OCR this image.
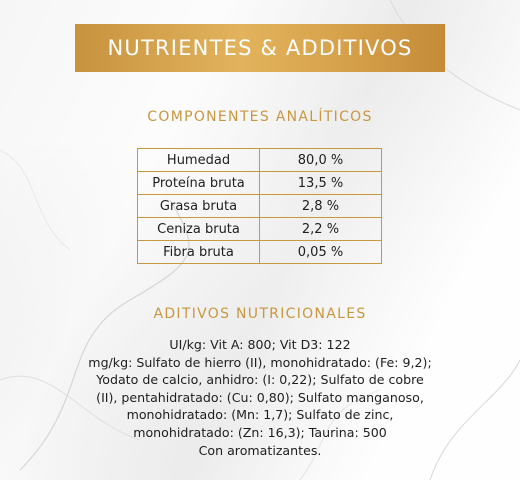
NUTRIENTES & ADDITIVOS
COMPONENTES ANALÍTICOS
Humedad	80,0 %
Proteína bruta	13,5 %
Grasa bruta	2,8 %
Ceniza bruta	2,2 %
Fibra bruta	0,05 %
ADITIVOS NUTRICIONALES
UI/kg: Vit A: 800; Vit D3: 122
mg/kg: Sulfato de hierro (II), monohidratado: (Fe: 9,2);
Yodato de calcio, anhidro: (I: 0,22); Sulfato de cobre
(II), pentahidratado: (Cu: 0,80); Sulfato manganoso,
monohidratado: (Mn: 1,7); Sulfato de zinc,
monohidratado: (Zn: 16,3); Taurina: 500
Con aromatizantes.
